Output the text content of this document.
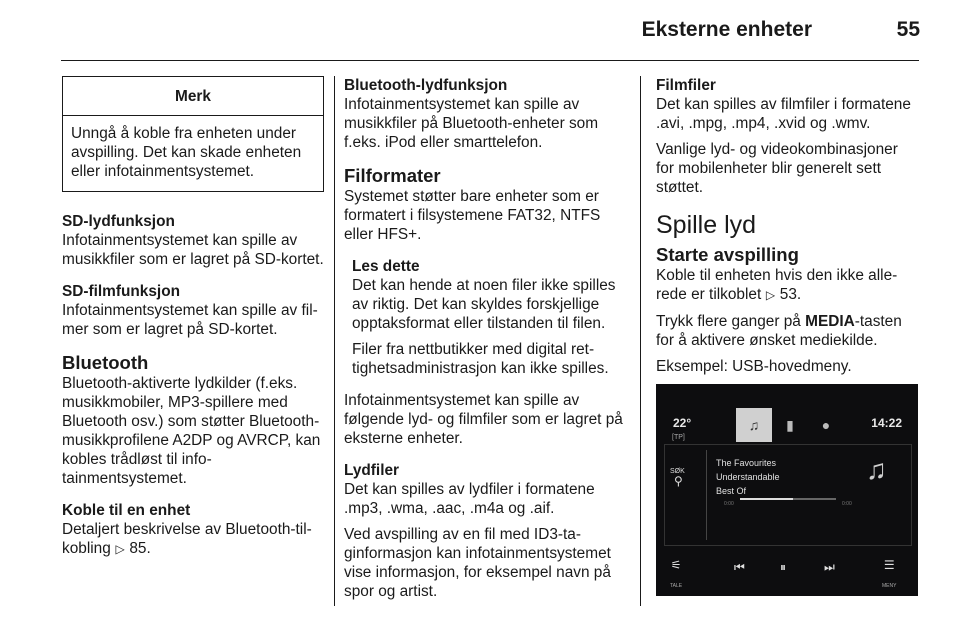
Eksterne enheter	55
Merk
Unngå å koble fra enheten under avspilling. Det kan skade enheten eller infotainmentsystemet.

SD-lydfunksjon

Infotainmentsystemet kan spille av musikkfiler som er lagret på SD-kortet.

SD-filmfunksjon

Infotainmentsystemet kan spille av filmer som er lagret på SD-kortet.

Bluetooth

Bluetooth-aktiverte lydkilder (f.eks. musikkmobiler, MP3-spillere med Bluetooth osv.) som støtter Bluetooth-musikkprofilene A2DP og AVRCP, kan kobles trådløst til infotainmentsystemet.

Koble til en enhet

Detaljert beskrivelse av Bluetooth-tilkobling ▷ 85.

Bluetooth-lydfunksjon

Infotainmentsystemet kan spille av musikkfiler på Bluetooth-enheter som f.eks. iPod eller smarttelefon.

Filformater

Systemet støtter bare enheter som er formatert i filsystemene FAT32, NTFS eller HFS+.

Les dette

Det kan hende at noen filer ikke spilles av riktig. Det kan skyldes forskjellige opptaksformat eller tilstanden til filen.

Filer fra nettbutikker med digital rettighetsadministrasjon kan ikke spilles.

Infotainmentsystemet kan spille av følgende lyd- og filmfiler som er lagret på eksterne enheter.

Lydfiler

Det kan spilles av lydfiler i formatene .mp3, .wma, .aac, .m4a og .aif.

Ved avspilling av en fil med ID3-taginformasjon kan infotainmentsystemet vise informasjon, for eksempel navn på spor og artist.

Filmfiler

Det kan spilles av filmfiler i formatene .avi, .mpg, .mp4, .xvid og .wmv.

Vanlige lyd- og videokombinasjoner for mobilenheter blir generelt sett støttet.

Spille lyd

Starte avspilling

Koble til enheten hvis den ikke allerede er tilkoblet ▷ 53.

Trykk flere ganger på MEDIA-tasten for å aktivere ønsket mediekilde.

Eksempel: USB-hovedmeny.

22°
[TP]
14:22
♫	▮	●
SØK
⚲
The Favourites
Understandable
Best Of
0:00	0:00
♫
⚟
TALE
⏮	⏸	⏭	☰
MENY
